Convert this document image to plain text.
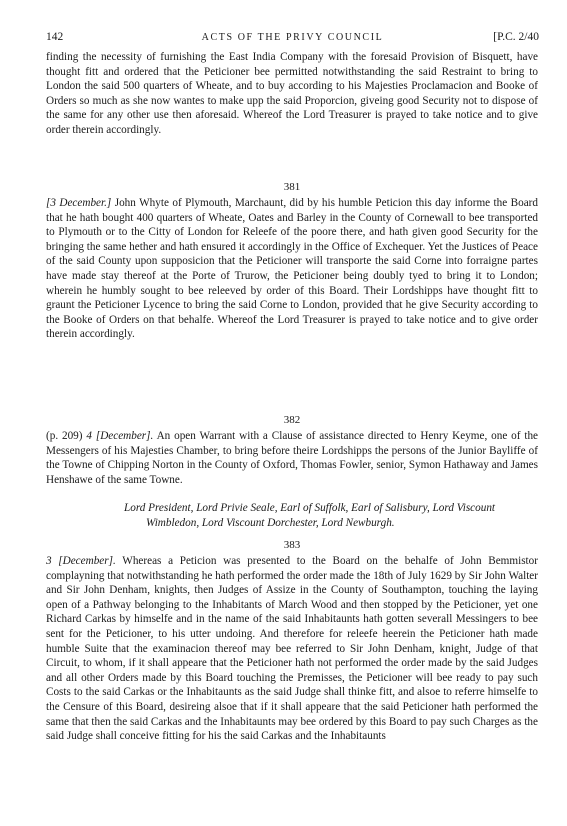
142	ACTS OF THE PRIVY COUNCIL	[P.C. 2/40

finding the necessity of furnishing the East India Company with the foresaid Provision of Bisquett, have thought fitt and ordered that the Peticioner bee permitted notwithstanding the said Restraint to bring to London the said 500 quarters of Wheate, and to buy according to his Majesties Proclamacion and Booke of Orders so much as she now wantes to make upp the said Proporcion, giveing good Security not to dispose of the same for any other use then aforesaid. Whereof the Lord Treasurer is prayed to take notice and to give order therein accordingly.

381

[3 December.] John Whyte of Plymouth, Marchaunt, did by his humble Peticion this day informe the Board that he hath bought 400 quarters of Wheate, Oates and Barley in the County of Cornewall to bee transported to Plymouth or to the Citty of London for Releefe of the poore there, and hath given good Security for the bringing the same hether and hath ensured it accordingly in the Office of Exchequer. Yet the Justices of Peace of the said County upon supposicion that the Peticioner will transporte the said Corne into forraigne partes have made stay thereof at the Porte of Trurow, the Peticioner being doubly tyed to bring it to London; wherein he humbly sought to bee releeved by order of this Board. Their Lordshipps have thought fitt to graunt the Peticioner Lycence to bring the said Corne to London, provided that he give Security according to the Booke of Orders on that behalfe. Whereof the Lord Treasurer is prayed to take notice and to give order therein accordingly.

382

(p. 209) 4 [December]. An open Warrant with a Clause of assistance directed to Henry Keyme, one of the Messengers of his Majesties Chamber, to bring before theire Lordshipps the persons of the Junior Bayliffe of the Towne of Chipping Norton in the County of Oxford, Thomas Fowler, senior, Symon Hathaway and James Henshawe of the same Towne.

Lord President, Lord Privie Seale, Earl of Suffolk, Earl of Salisbury, Lord Viscount
Wimbledon, Lord Viscount Dorchester, Lord Newburgh.
383

3 [December]. Whereas a Peticion was presented to the Board on the behalfe of John Bemmistor complayning that notwithstanding he hath performed the order made the 18th of July 1629 by Sir John Walter and Sir John Denham, knights, then Judges of Assize in the County of Southampton, touching the laying open of a Pathway belonging to the Inhabitants of March Wood and then stopped by the Peticioner, yet one Richard Carkas by himselfe and in the name of the said Inhabitaunts hath gotten severall Messingers to bee sent for the Peticioner, to his utter undoing. And therefore for releefe heerein the Peticioner hath made humble Suite that the examinacion thereof may bee referred to Sir John Denham, knight, Judge of that Circuit, to whom, if it shall appeare that the Peticioner hath not performed the order made by the said Judges and all other Orders made by this Board touching the Premisses, the Peticioner will bee ready to pay such Costs to the said Carkas or the Inhabitaunts as the said Judge shall thinke fitt, and alsoe to referre himselfe to the Censure of this Board, desireing alsoe that if it shall appeare that the said Peticioner hath performed the same that then the said Carkas and the Inhabitaunts may bee ordered by this Board to pay such Charges as the said Judge shall conceive fitting for his the said Carkas and the Inhabitaunts
